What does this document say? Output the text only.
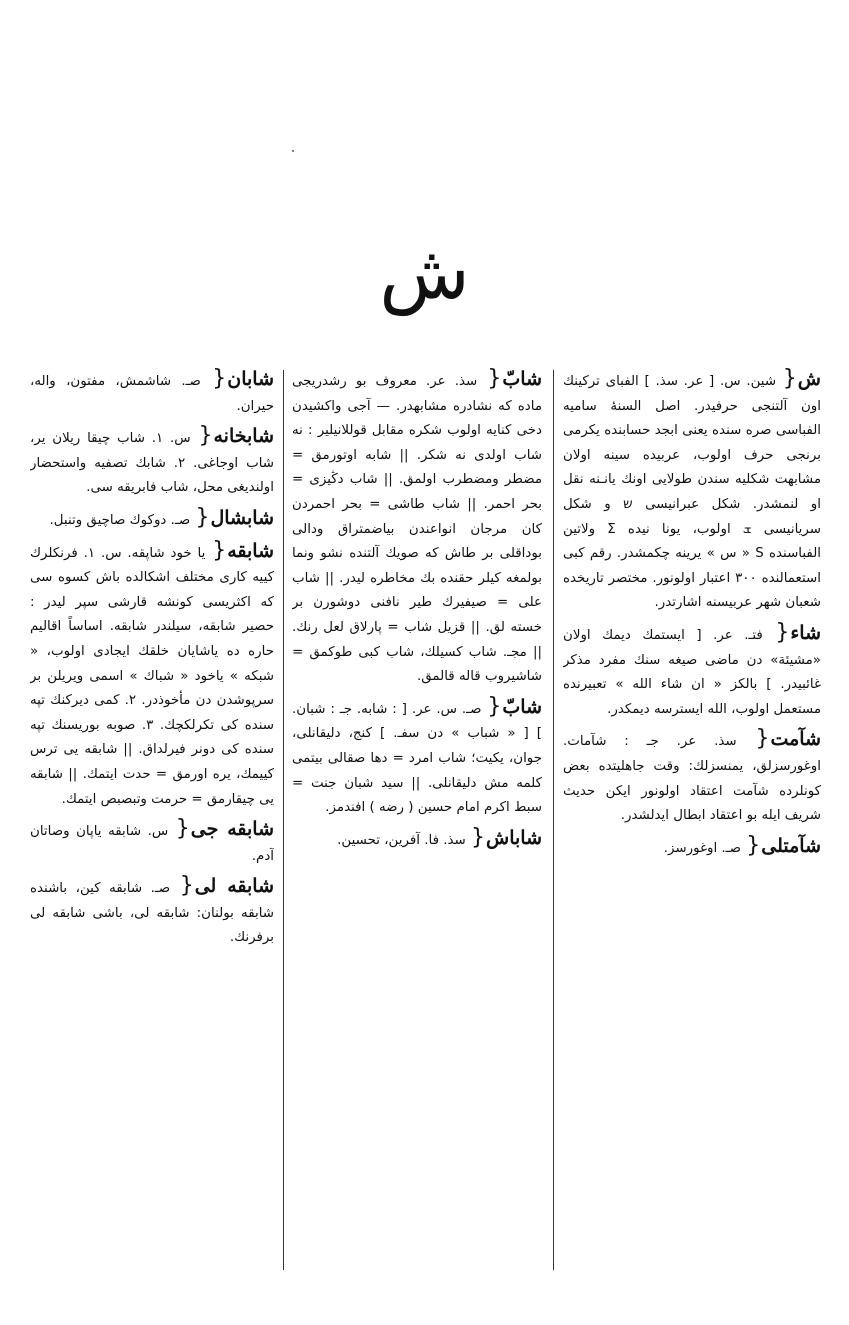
ش
ش{ شين. س. [ عر. سذ. ] الفباى تركينك اون آلتنجى حرفيدر. اصل السنهٔ ساميه الفباسى صره سنده يعنى ابجد حسابنده يكرمى برنجى حرف اولوب، عربيده سينه اولان مشابهت شكليه سندن طولايى اونك يانـنه نقل او لنمشدر. شكل عبرانيسى ש و شكل سريانيسى ܫ اولوب، يونا نيده Σ ولاتين الفباسنده S « س » يرينه چكمشدر. رقم كبى استعمالنده ٣٠٠ اعتبار اولونور. مختصر تاريخده شعبان شهر عربيسنه اشارتدر.
شاء{ فتـ. عر. [ ايستمك ديمك اولان «مشيئة» دن ماضى صيغه سنك مفرد مذكر غائبيدر. ] بالكز « ان شاء الله » تعبيرنده مستعمل اولوب، الله ايسترسه ديمكدر.
شآمت{ سذ. عر. جـ : شآمات. اوغورسزلق، يمنسزلك: وقت جاهليتده بعض كونلرده شآمت اعتقاد اولونور ايكن حديث شريف ايله بو اعتقاد ابطال ايدلشدر.
شآمتلى{ صـ. اوغورسز.
شابّ{ سذ. عر. معروف بو رشدريجى ماده كه نشادره مشابهدر. — آجى واكشيدن دخى كنايه اولوب شكره مقابل قوللانيلير : نه شاب اولدى نه شكر. || شابه اوتورمق = مضطر ومضطرب اولمق. || شاب دڭيزى = بحر احمر. || شاب طاشى = بحر احمردن كان مرجان انواعندن بياضمتراق ودالى بوداقلى بر طاش كه صويك آلتنده نشو ونما بولمغه كيلر حقنده بك مخاطره ليدر. || شاب على = صيفيرك طير نافنى دوشورن بر خسته لق. || قزيل شاب = پارلاق لعل رنك. || مجـ. شاب كسيلك، شاب كبى طوكمق = شاشيروب قاله قالمق.
شابّ{ صـ. س. عر. [ : شابه. جـ : شبان. ] [ « شباب » دن سفـ. ] كنج، دليقانلى، جوان، يكيت؛ شاب امرد = دها صقالى بيتمى كلمه مش دليقانلى. || سيد شبان جنت = سبط اكرم امام حسين ( رضه ) افندمز.
شاباش{ سذ. فا. آفرين، تحسين.
شابان{ صـ. شاشمش، مفتون، واله، حيران.
شابخانه{ س. ١. شاب چيقا ريلان ير، شاب اوجاغى. ٢. شابك تصفيه واستحضار اولنديغى محل، شاب فابريقه سى.
شابشال{ صـ. دوكوك صاچيق وتنبل.
شابقه{ يا خود شاپقه. س. ١. فرنكلرك كييه كارى مختلف اشكالده باش كسوه سى كه اكثريسى كونشه قارشى سپر ليدر : حصير شابقه، سيلندر شابقه. اساساً اقاليم حاره ده ياشايان خلقك ايجادى اولوب، « شبكه » ياخود « شباك » اسمى ويريلن بر سرپوشدن دن مأخوذدر. ٢. كمى ديركنك تپه سنده كى تكرلكچك. ٣. صوبه بوريسنك تپه سنده كى دونر فيرلداق. || شابقه يى ترس كييمك، يره اورمق = حدت ايتمك. || شابقه يى چيقارمق = حرمت وتبصبص ايتمك.
شابقه جى{ س. شابقه ياپان وصاتان آدم.
شابقه لى{ صـ. شابقه كين، باشنده شابقه بولنان: شابقه لى، باشى شابقه لى برفرنك.
